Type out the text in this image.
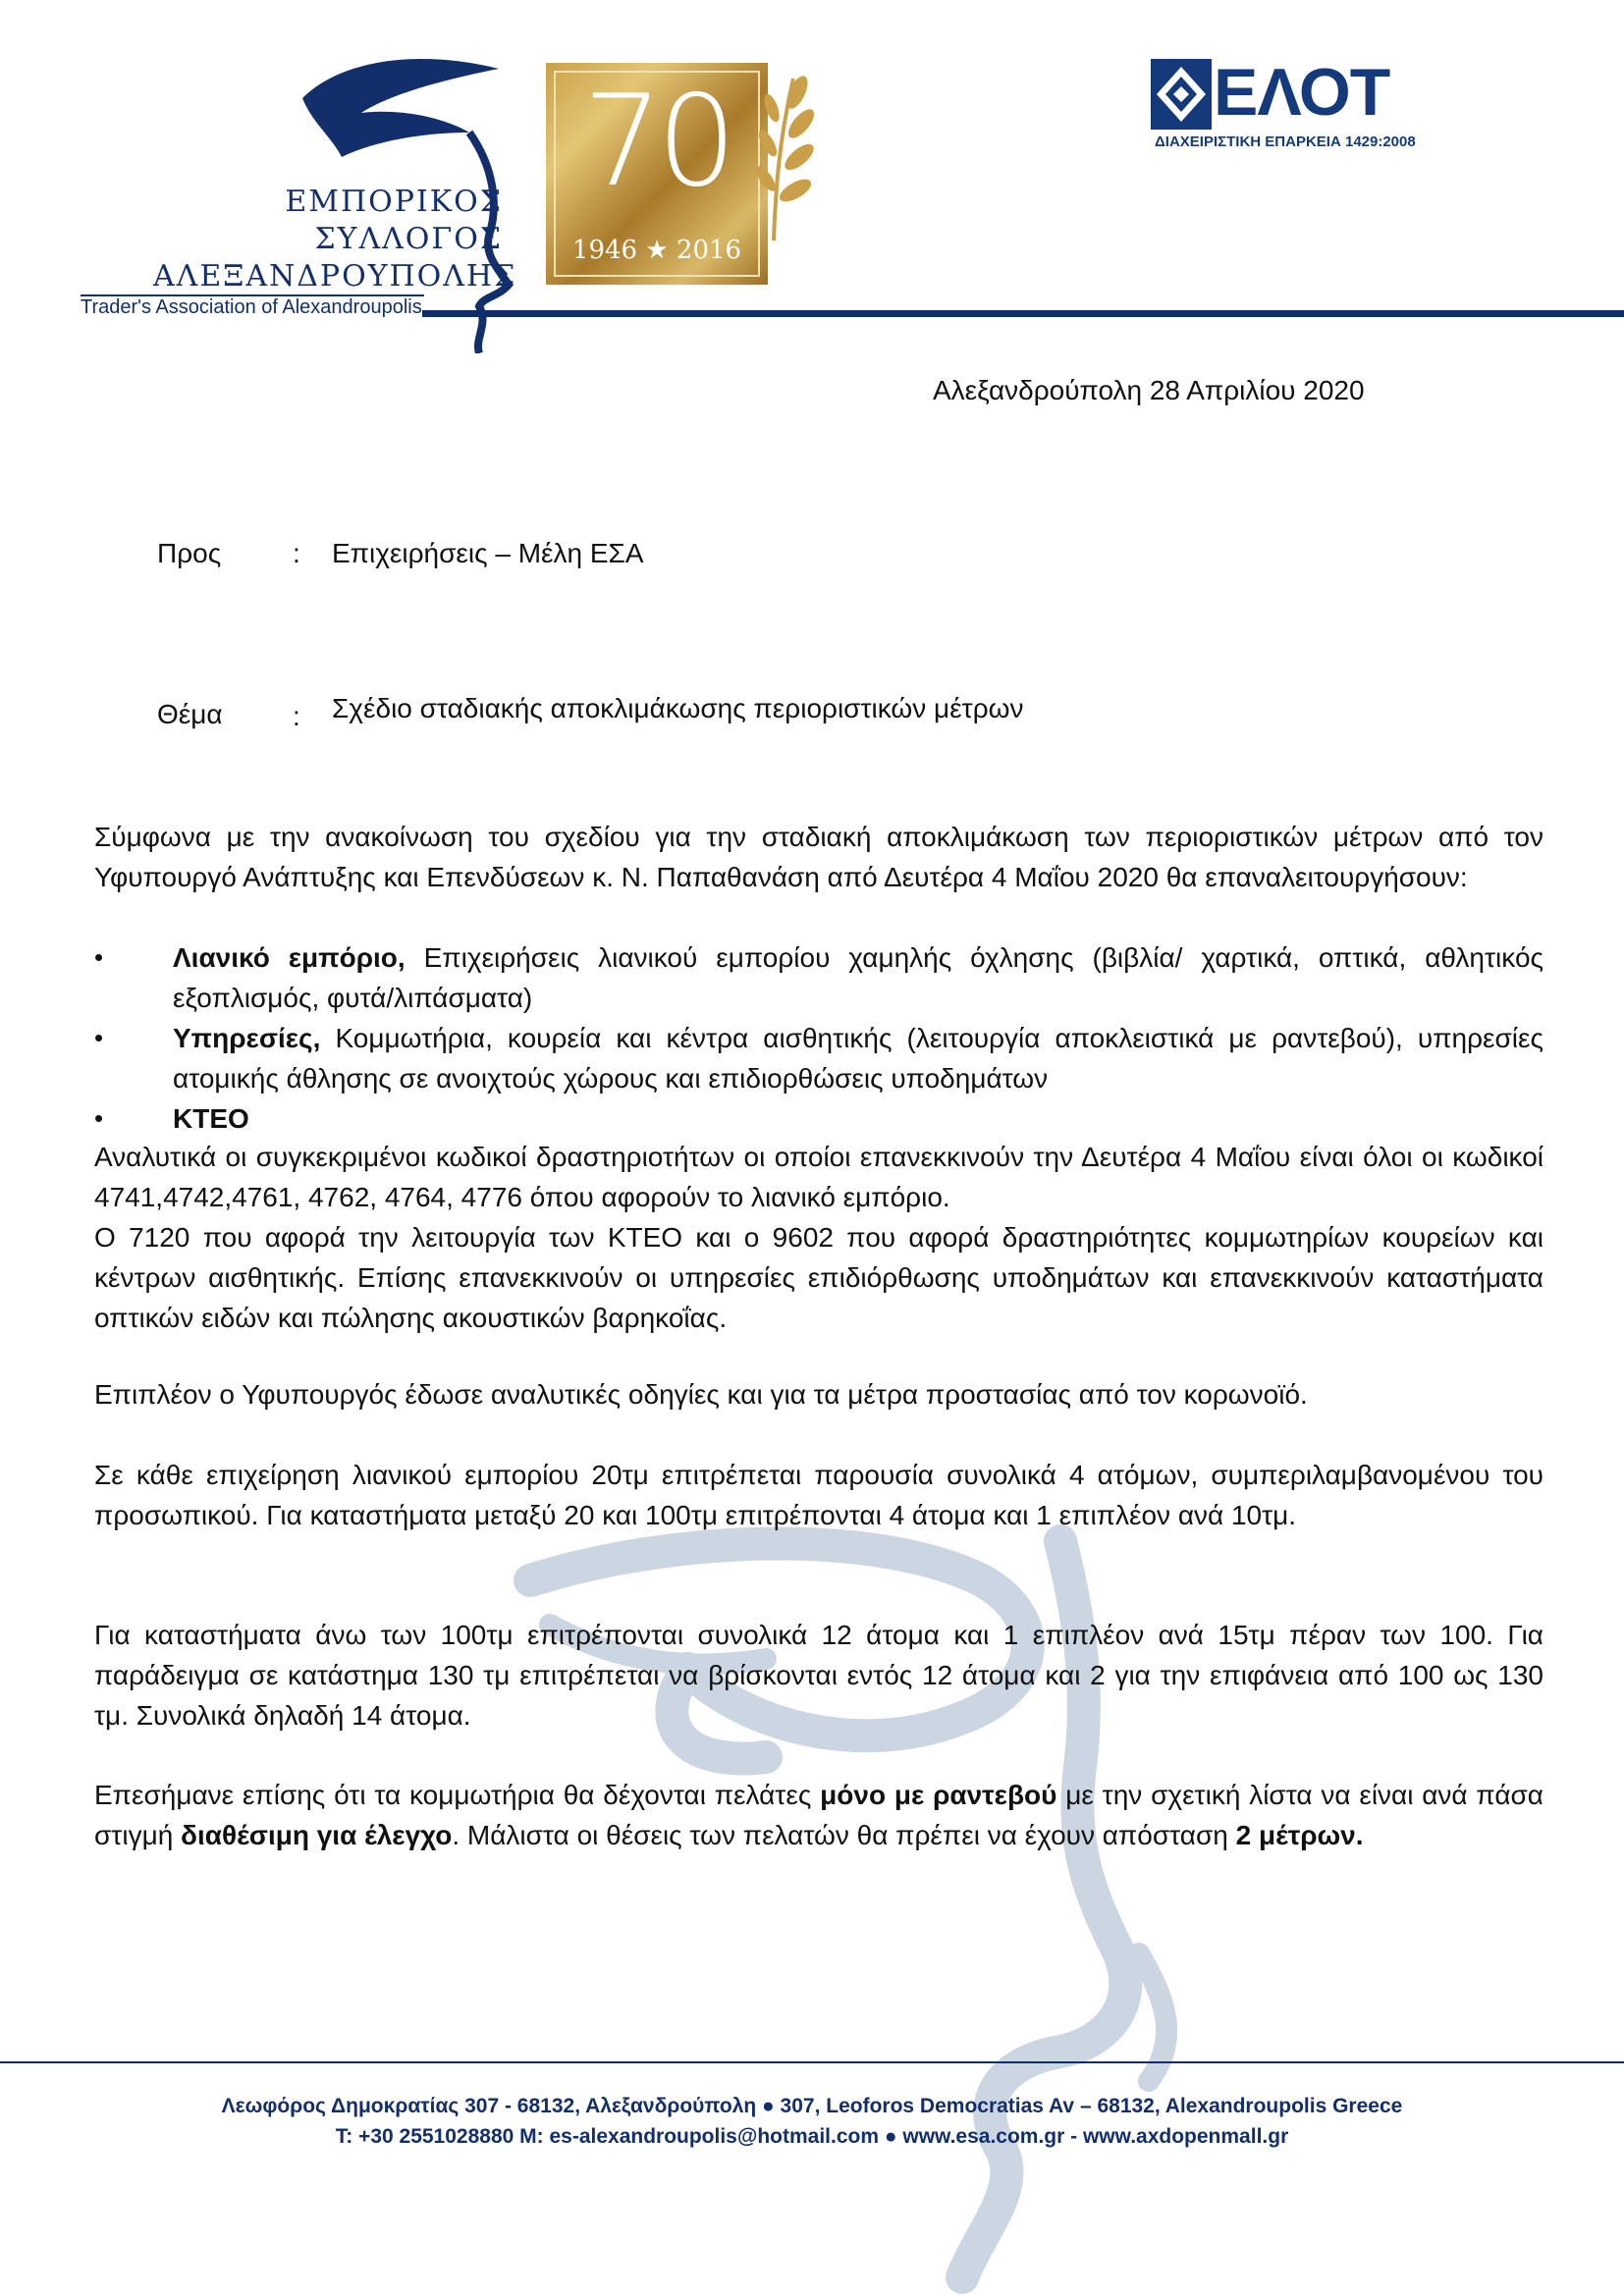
ΕΜΠΟΡΙΚΟΣ
ΣΥΛΛΟΓΟΣ
ΑΛΕΞΑΝΔΡΟΥΠΟΛΗΣ
Trader's Association of Alexandroupolis
70
1946 ★ 2016
ΕΛΟΤ
ΔΙΑΧΕΙΡΙΣΤΙΚΗ ΕΠΑΡΚΕΙΑ 1429:2008
Αλεξανδρούπολη 28 Απριλίου 2020
Προς	: Επιχειρήσεις – Μέλη ΕΣΑ
Θέμα	: Σχέδιο σταδιακής αποκλιμάκωσης περιοριστικών μέτρων
Σύμφωνα με την ανακοίνωση του σχεδίου για την σταδιακή αποκλιμάκωση των περιοριστικών μέτρων από τον Υφυπουργό Ανάπτυξης και Επενδύσεων κ. Ν. Παπαθανάση από Δευτέρα 4 Μαΐου 2020 θα επαναλειτουργήσουν:
•	Λιανικό εμπόριο, Επιχειρήσεις λιανικού εμπορίου χαμηλής όχλησης (βιβλία/ χαρτικά, οπτικά, αθλητικός εξοπλισμός, φυτά/λιπάσματα)
•	Υπηρεσίες, Κομμωτήρια, κουρεία και κέντρα αισθητικής (λειτουργία αποκλειστικά με ραντεβού), υπηρεσίες ατομικής άθλησης σε ανοιχτούς χώρους και επιδιορθώσεις υποδημάτων
•	ΚΤΕΟ
Αναλυτικά οι συγκεκριμένοι κωδικοί δραστηριοτήτων οι οποίοι επανεκκινούν την Δευτέρα 4 Μαΐου είναι όλοι οι κωδικοί 4741,4742,4761, 4762, 4764, 4776 όπου αφορούν το λιανικό εμπόριο.
Ο 7120 που αφορά την λειτουργία των ΚΤΕΟ και ο 9602 που αφορά δραστηριότητες κομμωτηρίων κουρείων και κέντρων αισθητικής. Επίσης επανεκκινούν οι υπηρεσίες επιδιόρθωσης υποδημάτων και επανεκκινούν καταστήματα οπτικών ειδών και πώλησης ακουστικών βαρηκοΐας.
Επιπλέον ο Υφυπουργός έδωσε αναλυτικές οδηγίες και για τα μέτρα προστασίας από τον κορωνοϊό.
Σε κάθε επιχείρηση λιανικού εμπορίου 20τμ επιτρέπεται παρουσία συνολικά 4 ατόμων, συμπεριλαμβανομένου του προσωπικού. Για καταστήματα μεταξύ 20 και 100τμ επιτρέπονται 4 άτομα και 1 επιπλέον ανά 10τμ.
Για καταστήματα άνω των 100τμ επιτρέπονται συνολικά 12 άτομα και 1 επιπλέον ανά 15τμ πέραν των 100. Για παράδειγμα σε κατάστημα 130 τμ επιτρέπεται να βρίσκονται εντός 12 άτομα και 2 για την επιφάνεια από 100 ως 130 τμ. Συνολικά δηλαδή 14 άτομα.
Επεσήμανε επίσης ότι τα κομμωτήρια θα δέχονται πελάτες μόνο με ραντεβού με την σχετική λίστα να είναι ανά πάσα στιγμή διαθέσιμη για έλεγχο. Μάλιστα οι θέσεις των πελατών θα πρέπει να έχουν απόσταση 2 μέτρων.
Λεωφόρος Δημοκρατίας 307 - 68132, Αλεξανδρούπολη ● 307, Leoforos Democratias Av – 68132, Alexandroupolis Greece
T: +30 2551028880 M: es-alexandroupolis@hotmail.com ● www.esa.com.gr - www.axdopenmall.gr
